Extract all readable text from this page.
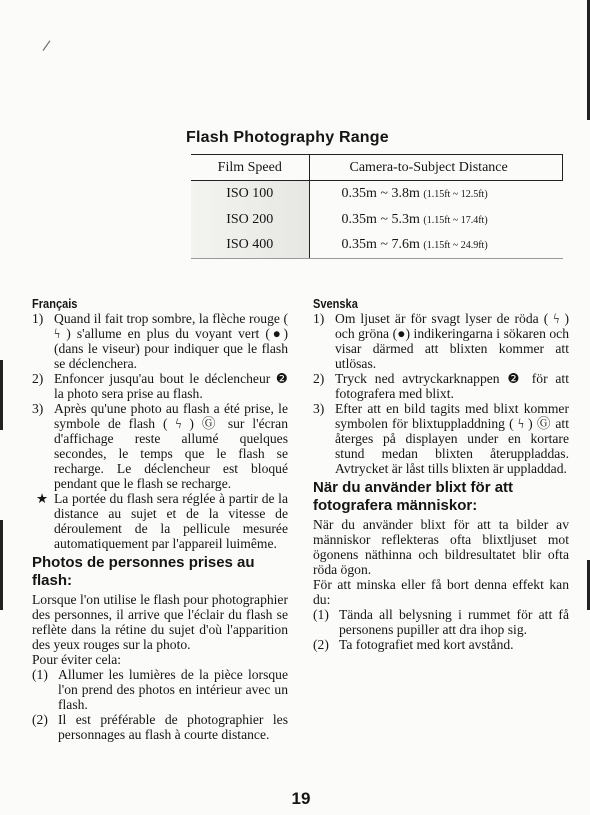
/
Flash Photography Range
Film Speed	Camera-to-Subject Distance
ISO 100	0.35m ~ 3.8m (1.15ft ~ 12.5ft)
ISO 200	0.35m ~ 5.3m (1.15ft ~ 17.4ft)
ISO 400	0.35m ~ 7.6m (1.15ft ~ 24.9ft)
Français
1) Quand il fait trop sombre, la flèche rouge ( ϟ ) s'allume en plus du voyant vert (●) (dans le viseur) pour indiquer que le flash se déclenchera.
2) Enfoncer jusqu'au bout le déclencheur ❷ la photo sera prise au flash.
3) Après qu'une photo au flash a été prise, le symbole de flash ( ϟ ) Ⓖ sur l'écran d'affichage reste allumé quelques secondes, le temps que le flash se recharge. Le déclencheur est bloqué pendant que le flash se recharge.
★ La portée du flash sera réglée à partir de la distance au sujet et de la vitesse de déroulement de la pellicule mesurée automatiquement par l'appareil luimême.
Photos de personnes prises au flash:

Lorsque l'on utilise le flash pour photographier des personnes, il arrive que l'éclair du flash se reflète dans la rétine du sujet d'où l'apparition des yeux rouges sur la photo.

Pour éviter cela:

(1) Allumer les lumières de la pièce lorsque l'on prend des photos en intérieur avec un flash.
(2) Il est préférable de photographier les personnages au flash à courte distance.
Svenska
1) Om ljuset är för svagt lyser de röda ( ϟ ) och gröna (●) indikeringarna i sökaren och visar därmed att blixten kommer att utlösas.
2) Tryck ned avtryckarknappen ❷ för att fotografera med blixt.
3) Efter att en bild tagits med blixt kommer symbolen för blixtuppladdning ( ϟ ) Ⓖ att återges på displayen under en kortare stund medan blixten återuppladdas. Avtrycket är låst tills blixten är uppladdad.
När du använder blixt för att fotografera människor:

När du använder blixt för att ta bilder av människor reflekteras ofta blixtljuset mot ögonens näthinna och bildresultatet blir ofta röda ögon.

För att minska eller få bort denna effekt kan du:

(1) Tända all belysning i rummet för att få personens pupiller att dra ihop sig.
(2) Ta fotografiet med kort avstånd.
19
